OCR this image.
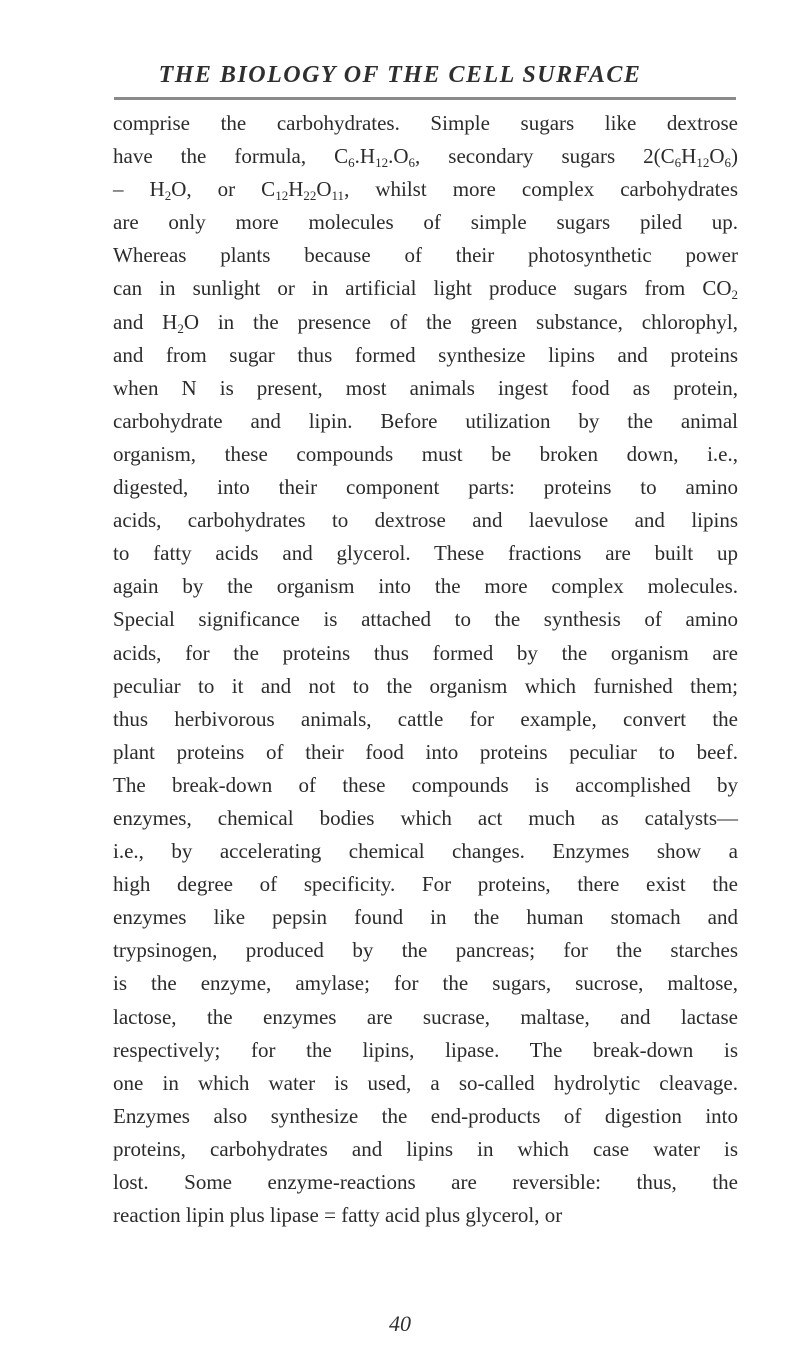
THE BIOLOGY OF THE CELL SURFACE
comprise the carbohydrates. Simple sugars like dextrose
have the formula, $C_6.H_{12}.O_6$, secondary sugars $2(C_6H_{12}O_6)$
– $H_2O$, or $C_{12}H_{22}O_{11}$, whilst more complex carbohydrates
are only more molecules of simple sugars piled up.
Whereas plants because of their photosynthetic power
can in sunlight or in artificial light produce sugars from $CO_2$
and $H_2O$ in the presence of the green substance, chlorophyl,
and from sugar thus formed synthesize lipins and proteins
when N is present, most animals ingest food as protein,
carbohydrate and lipin. Before utilization by the animal
organism, these compounds must be broken down, i.e.,
digested, into their component parts: proteins to amino
acids, carbohydrates to dextrose and laevulose and lipins
to fatty acids and glycerol. These fractions are built up
again by the organism into the more complex molecules.
Special significance is attached to the synthesis of amino
acids, for the proteins thus formed by the organism are
peculiar to it and not to the organism which furnished them;
thus herbivorous animals, cattle for example, convert the
plant proteins of their food into proteins peculiar to beef.
The break-down of these compounds is accomplished by
enzymes, chemical bodies which act much as catalysts—
i.e., by accelerating chemical changes. Enzymes show a
high degree of specificity. For proteins, there exist the
enzymes like pepsin found in the human stomach and
trypsinogen, produced by the pancreas; for the starches
is the enzyme, amylase; for the sugars, sucrose, maltose,
lactose, the enzymes are sucrase, maltase, and lactase
respectively; for the lipins, lipase. The break-down is
one in which water is used, a so-called hydrolytic cleavage.
Enzymes also synthesize the end-products of digestion into
proteins, carbohydrates and lipins in which case water is
lost. Some enzyme-reactions are reversible: thus, the
reaction lipin plus lipase = fatty acid plus glycerol, or
40
